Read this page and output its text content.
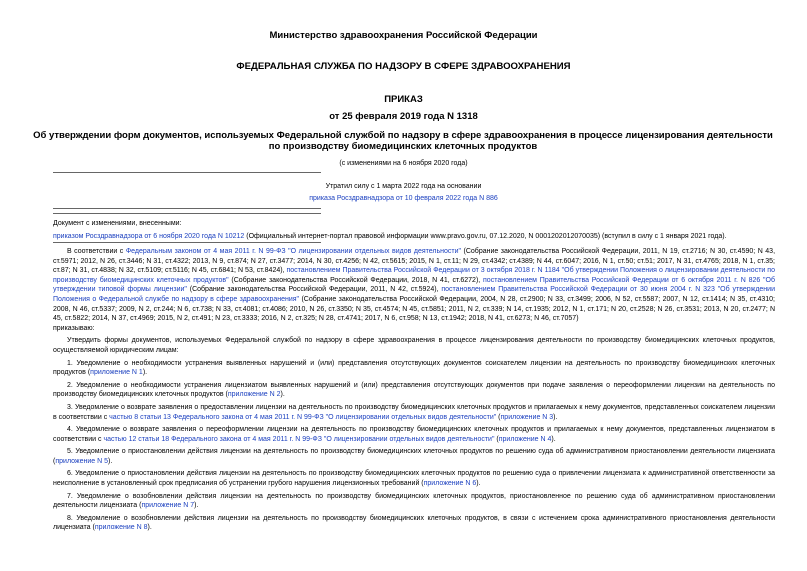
Министерство здравоохранения Российской Федерации
ФЕДЕРАЛЬНАЯ СЛУЖБА ПО НАДЗОРУ В СФЕРЕ ЗДРАВООХРАНЕНИЯ
ПРИКАЗ
от 25 февраля 2019 года N 1318
Об утверждении форм документов, используемых Федеральной службой по надзору в сфере здравоохранения в процессе лицензирования деятельности по производству биомедицинских клеточных продуктов
(с изменениями на 6 ноября 2020 года)
Утратил силу с 1 марта 2022 года на основании
приказа Росздравнадзора от 10 февраля 2022 года N 886
Документ с изменениями, внесенными:
приказом Росздравнадзора от 6 ноября 2020 года N 10212 (Официальный интернет-портал правовой информации www.pravo.gov.ru, 07.12.2020, N 0001202012070035) (вступил в силу с 1 января 2021 года).

В соответствии с Федеральным законом от 4 мая 2011 г. N 99-ФЗ "О лицензировании отдельных видов деятельности" (Собрание законодательства Российской Федерации, 2011, N 19, ст.2716; N 30, ст.4590; N 43, ст.5971; 2012, N 26, ст.3446; N 31, ст.4322; 2013, N 9, ст.874; N 27, ст.3477; 2014, N 30, ст.4256; N 42, ст.5615; 2015, N 1, ст.11; N 29, ст.4342; ст.4389; N 44, ст.6047; 2016, N 1, ст.50; ст.51; 2017, N 31, ст.4765; 2018, N 1, ст.35; ст.87; N 31, ст.4838; N 32, ст.5109; ст.5116; N 45, ст.6841; N 53, ст.8424), постановлением Правительства Российской Федерации от 3 октября 2018 г. N 1184 "Об утверждении Положения о лицензировании деятельности по производству биомедицинских клеточных продуктов" (Собрание законодательства Российской Федерации, 2018, N 41, ст.6272), постановлением Правительства Российской Федерации от 6 октября 2011 г. N 826 "Об утверждении типовой формы лицензии" (Собрание законодательства Российской Федерации, 2011, N 42, ст.5924), постановлением Правительства Российской Федерации от 30 июня 2004 г. N 323 "Об утверждении Положения о Федеральной службе по надзору в сфере здравоохранения" (Собрание законодательства Российской Федерации, 2004, N 28, ст.2900; N 33, ст.3499; 2006, N 52, ст.5587; 2007, N 12, ст.1414; N 35, ст.4310; 2008, N 46, ст.5337; 2009, N 2, ст.244; N 6, ст.738; N 33, ст.4081; ст.4086; 2010, N 26, ст.3350; N 35, ст.4574; N 45, ст.5851; 2011, N 2, ст.339; N 14, ст.1935; 2012, N 1, ст.171; N 20, ст.2528; N 26, ст.3531; 2013, N 20, ст.2477; N 45, ст.5822; 2014, N 37, ст.4969; 2015, N 2, ст.491; N 23, ст.3333; 2016, N 2, ст.325; N 28, ст.4741; 2017, N 6, ст.958; N 13, ст.1942; 2018, N 41, ст.6273; N 46, ст.7057)

приказываю:

Утвердить формы документов, используемых Федеральной службой по надзору в сфере здравоохранения в процессе лицензирования деятельности по производству биомедицинских клеточных продуктов, осуществляемой юридическим лицам:

1. Уведомление о необходимости устранения выявленных нарушений и (или) представления отсутствующих документов соискателем лицензии на деятельность по производству биомедицинских клеточных продуктов (приложение N 1).

2. Уведомление о необходимости устранения лицензиатом выявленных нарушений и (или) представления отсутствующих документов при подаче заявления о переоформлении лицензии на деятельность по производству биомедицинских клеточных продуктов (приложение N 2).

3. Уведомление о возврате заявления о предоставлении лицензии на деятельность по производству биомедицинских клеточных продуктов и прилагаемых к нему документов, представленных соискателем лицензии в соответствии с частью 8 статьи 13 Федерального закона от 4 мая 2011 г. N 99-ФЗ "О лицензировании отдельных видов деятельности" (приложение N 3).

4. Уведомление о возврате заявления о переоформлении лицензии на деятельность по производству биомедицинских клеточных продуктов и прилагаемых к нему документов, представленных лицензиатом в соответствии с частью 12 статьи 18 Федерального закона от 4 мая 2011 г. N 99-ФЗ "О лицензировании отдельных видов деятельности" (приложение N 4).

5. Уведомление о приостановлении действия лицензии на деятельность по производству биомедицинских клеточных продуктов по решению суда об административном приостановлении деятельности лицензиата (приложение N 5).

6. Уведомление о приостановлении действия лицензии на деятельность по производству биомедицинских клеточных продуктов по решению суда о привлечении лицензиата к административной ответственности за неисполнение в установленный срок предписания об устранении грубого нарушения лицензионных требований (приложение N 6).

7. Уведомление о возобновлении действия лицензии на деятельность по производству биомедицинских клеточных продуктов, приостановленное по решению суда об административном приостановлении деятельности лицензиата (приложение N 7).

8. Уведомление о возобновлении действия лицензии на деятельность по производству биомедицинских клеточных продуктов, в связи с истечением срока административного приостановления деятельности лицензиата (приложение N 8).
